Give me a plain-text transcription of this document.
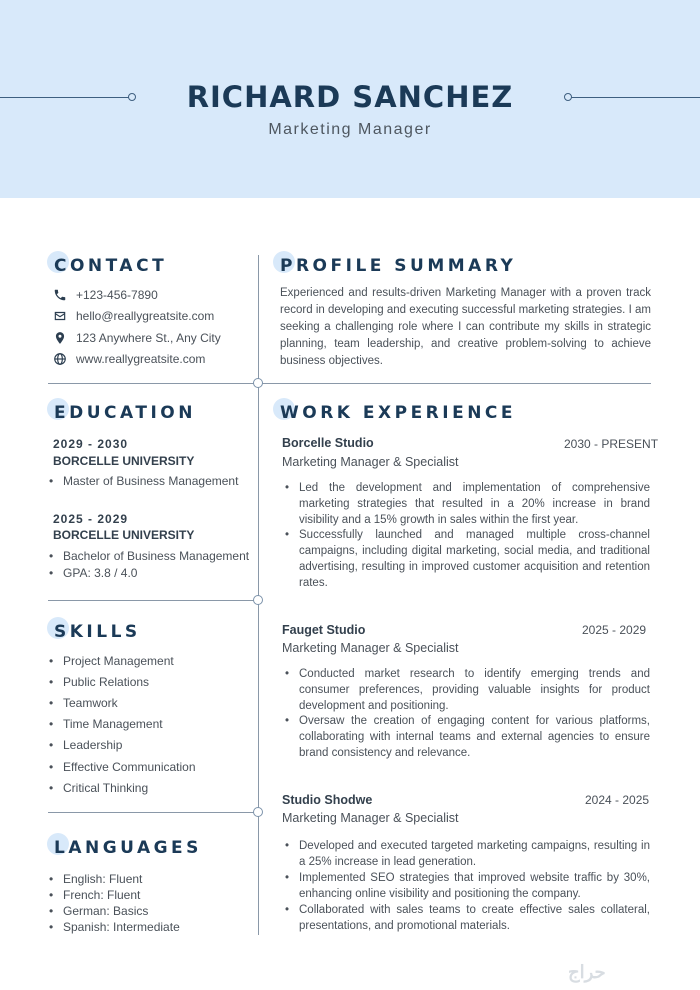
RICHARD SANCHEZ
Marketing Manager
CONTACT
+123-456-7890
hello@reallygreatsite.com
123 Anywhere St., Any City
www.reallygreatsite.com
PROFILE SUMMARY
Experienced and results-driven Marketing Manager with a proven track record in developing and executing successful marketing strategies. I am seeking a challenging role where I can contribute my skills in strategic planning, team leadership, and creative problem-solving to achieve business objectives.
EDUCATION
2029 - 2030
BORCELLE UNIVERSITY
• Master of Business Management
2025 - 2029
BORCELLE UNIVERSITY
• Bachelor of Business Management
• GPA: 3.8 / 4.0
SKILLS
• Project Management
• Public Relations
• Teamwork
• Time Management
• Leadership
• Effective Communication
• Critical Thinking
LANGUAGES
• English: Fluent
• French: Fluent
• German: Basics
• Spanish: Intermediate
WORK EXPERIENCE
Borcelle Studio	2030 - PRESENT
Marketing Manager & Specialist
• Led the development and implementation of comprehensive marketing strategies that resulted in a 20% increase in brand visibility and a 15% growth in sales within the first year.
• Successfully launched and managed multiple cross-channel campaigns, including digital marketing, social media, and traditional advertising, resulting in improved customer acquisition and retention rates.
Fauget Studio	2025 - 2029
Marketing Manager & Specialist
• Conducted market research to identify emerging trends and consumer preferences, providing valuable insights for product development and positioning.
• Oversaw the creation of engaging content for various platforms, collaborating with internal teams and external agencies to ensure brand consistency and relevance.
Studio Shodwe	2024 - 2025
Marketing Manager & Specialist
• Developed and executed targeted marketing campaigns, resulting in a 25% increase in lead generation.
• Implemented SEO strategies that improved website traffic by 30%, enhancing online visibility and positioning the company.
• Collaborated with sales teams to create effective sales collateral, presentations, and promotional materials.
حراج
